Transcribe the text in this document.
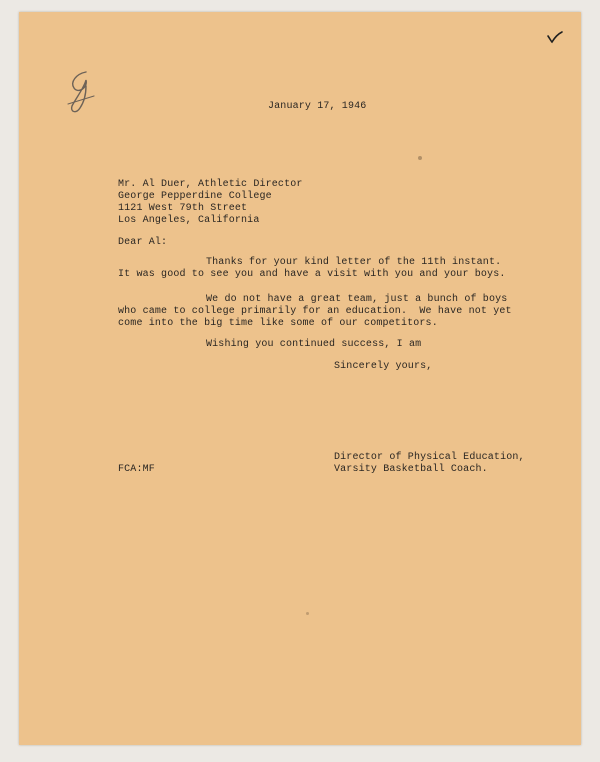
January 17, 1946

Mr. Al Duer, Athletic Director

George Pepperdine College

1121 West 79th Street

Los Angeles, California

Dear Al:

Thanks for your kind letter of the 11th instant.

It was good to see you and have a visit with you and your boys.

We do not have a great team, just a bunch of boys

who came to college primarily for an education.  We have not yet

come into the big time like some of our competitors.

Wishing you continued success, I am

Sincerely yours,

Director of Physical Education,

Varsity Basketball Coach.

FCA:MF
